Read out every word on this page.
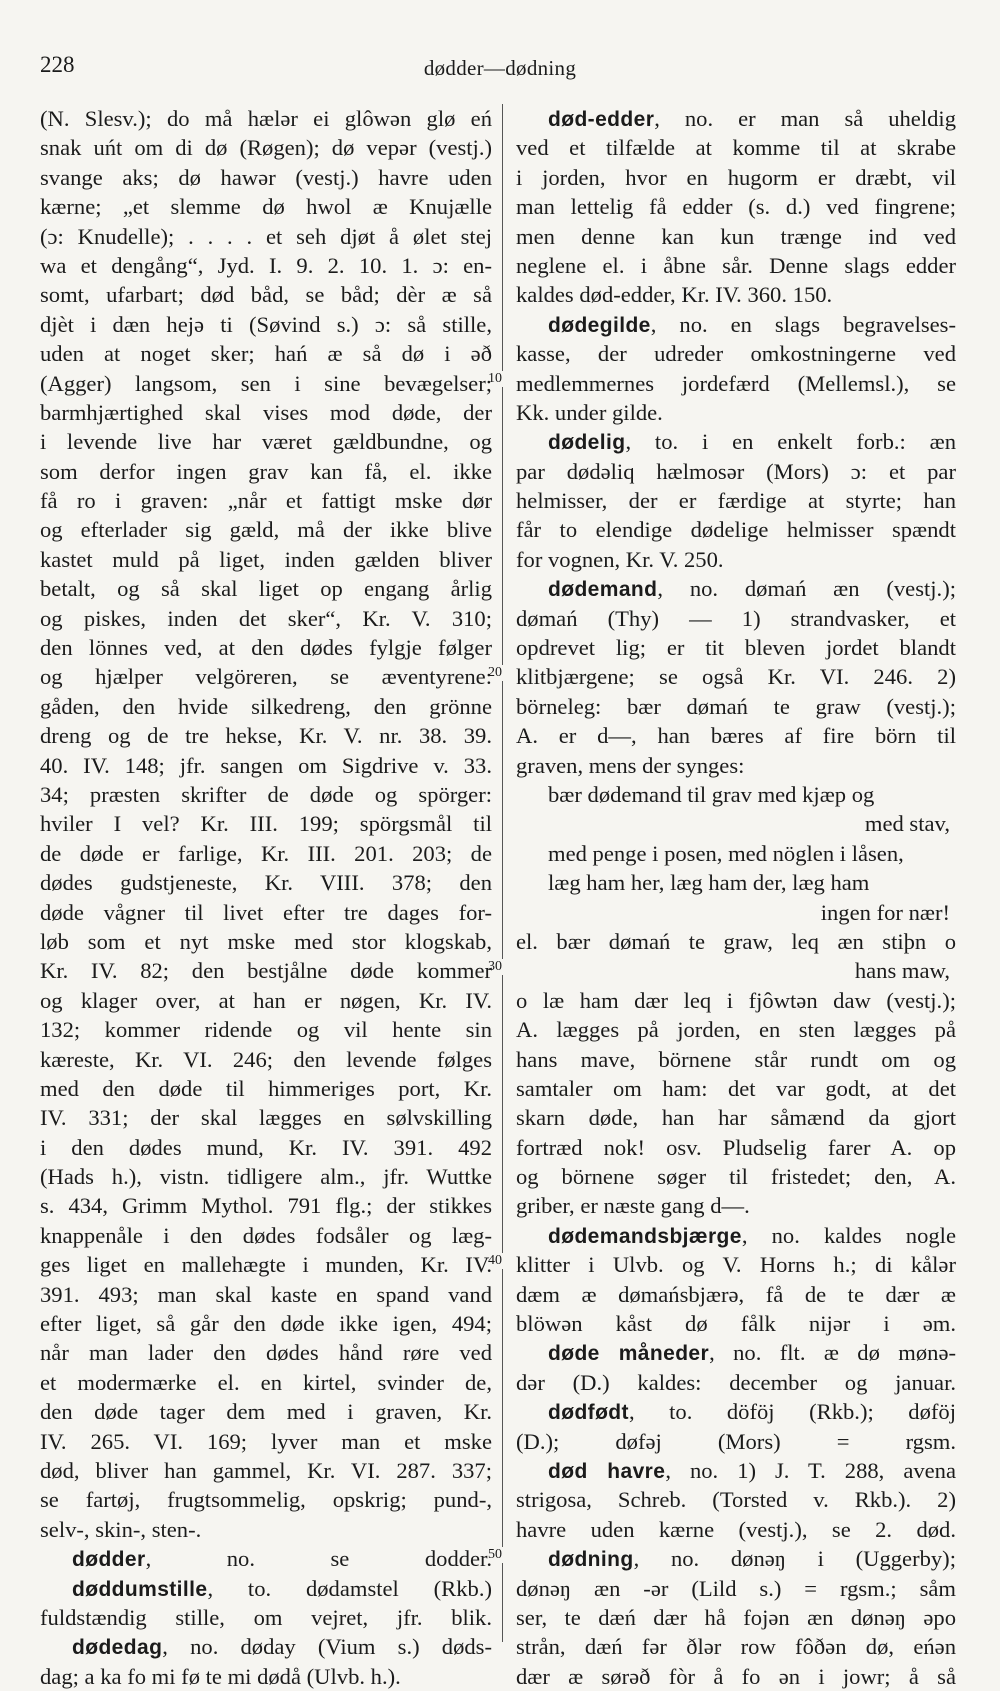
228	dødder—dødning
10
20
30
40
50
(N. Slesv.); do må hælər ei glôwən glø eń
snak uńt om di dø (Røgen); dø vepər (vestj.)
svange aks; dø hawər (vestj.) havre uden
kærne; „et slemme dø hwol æ Knujælle
(ɔ: Knudelle); . . . . et seh djøt å ølet stej
wa et dengång“, Jyd. I. 9. 2. 10. 1. ɔ: en-
somt, ufarbart; død båd, se båd; dèr æ så
djèt i dæn hejə ti (Søvind s.) ɔ: så stille,
uden at noget sker; hań æ så dø i əð
(Agger) langsom, sen i sine bevægelser;
barmhjærtighed skal vises mod døde, der
i levende live har været gældbundne, og
som derfor ingen grav kan få, el. ikke
få ro i graven: „når et fattigt mske dør
og efterlader sig gæld, må der ikke blive
kastet muld på liget, inden gælden bliver
betalt, og så skal liget op engang årlig
og piskes, inden det sker“, Kr. V. 310;
den lönnes ved, at den dødes fylgje følger
og hjælper velgöreren, se æventyrene:
gåden, den hvide silkedreng, den grönne
dreng og de tre hekse, Kr. V. nr. 38. 39.
40. IV. 148; jfr. sangen om Sigdrive v. 33.
34; præsten skrifter de døde og spörger:
hviler I vel? Kr. III. 199; spörgsmål til
de døde er farlige, Kr. III. 201. 203; de
dødes gudstjeneste, Kr. VIII. 378; den
døde vågner til livet efter tre dages for-
løb som et nyt mske med stor klogskab,
Kr. IV. 82; den bestjålne døde kommer
og klager over, at han er nøgen, Kr. IV.
132; kommer ridende og vil hente sin
kæreste, Kr. VI. 246; den levende følges
med den døde til himmeriges port, Kr.
IV. 331; der skal lægges en sølvskilling
i den dødes mund, Kr. IV. 391. 492
(Hads h.), vistn. tidligere alm., jfr. Wuttke
s. 434, Grimm Mythol. 791 flg.; der stikkes
knappenåle i den dødes fodsåler og læg-
ges liget en mallehægte i munden, Kr. IV.
391. 493; man skal kaste en spand vand
efter liget, så går den døde ikke igen, 494;
når man lader den dødes hånd røre ved
et modermærke el. en kirtel, svinder de,
den døde tager dem med i graven, Kr.
IV. 265. VI. 169; lyver man et mske
død, bliver han gammel, Kr. VI. 287. 337;
se fartøj, frugtsommelig, opskrig; pund-,
selv-, skin-, sten-.
dødder, no. se dodder.
døddumstille, to. dødamstel (Rkb.)
fuldstændig stille, om vejret, jfr. blik.
dødedag, no. døday (Vium s.) døds-
dag; a ka fo mi fø te mi dødå (Ulvb. h.).
død-edder, no. er man så uheldig
ved et tilfælde at komme til at skrabe
i jorden, hvor en hugorm er dræbt, vil
man lettelig få edder (s. d.) ved fingrene;
men denne kan kun trænge ind ved
neglene el. i åbne sår. Denne slags edder
kaldes død-edder, Kr. IV. 360. 150.
dødegilde, no. en slags begravelses-
kasse, der udreder omkostningerne ved
medlemmernes jordefærd (Mellemsl.), se
Kk. under gilde.
dødelig, to. i en enkelt forb.: æn
par dødəliq hælmosər (Mors) ɔ: et par
helmisser, der er færdige at styrte; han
får to elendige dødelige helmisser spændt
for vognen, Kr. V. 250.
dødemand, no. dømań æn (vestj.);
dømań (Thy) — 1) strandvasker, et
opdrevet lig; er tit bleven jordet blandt
klitbjærgene; se også Kr. VI. 246. 2)
börneleg: bær dømań te graw (vestj.);
A. er d—, han bæres af fire börn til
graven, mens der synges:
bær dødemand til grav med kjæp og
med stav,
med penge i posen, med nöglen i låsen,
læg ham her, læg ham der, læg ham
ingen for nær!
el. bær dømań te graw, leq æn stiþn o
hans maw,
o læ ham dær leq i fjôwtən daw (vestj.);
A. lægges på jorden, en sten lægges på
hans mave, börnene står rundt om og
samtaler om ham: det var godt, at det
skarn døde, han har såmænd da gjort
fortræd nok! osv. Pludselig farer A. op
og börnene søger til fristedet; den, A.
griber, er næste gang d—.
dødemandsbjærge, no. kaldes nogle
klitter i Ulvb. og V. Horns h.; di kålər
dæm æ dømańsbjærə, få de te dær æ
blöwən kåst dø fålk nijər i əm.
døde måneder, no. flt. æ dø mønə-
dər (D.) kaldes: december og januar.
dødfødt, to. döföj (Rkb.); døföj
(D.); døfəj (Mors) = rgsm.
død havre, no. 1) J. T. 288, avena
strigosa, Schreb. (Torsted v. Rkb.). 2)
havre uden kærne (vestj.), se 2. død.
dødning, no. dønəŋ i (Uggerby);
dønəŋ æn -ər (Lild s.) = rgsm.; såm
ser, te dæń dær hå fojən æn dønəŋ əpo
strån, dæń fər ðlər row fôðən dø, eńən
dær æ sørəð fòr å fo ən i jowr; å så
